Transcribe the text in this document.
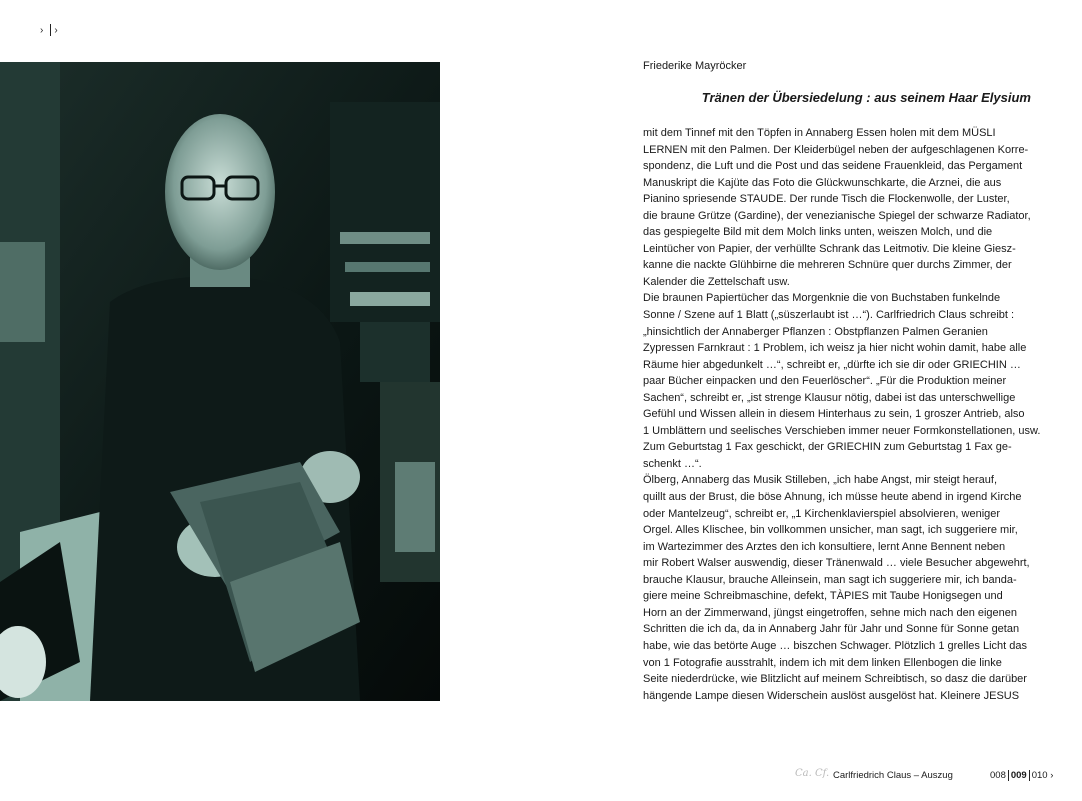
› ›
Friederike Mayröcker
Tränen der Übersiedelung : aus seinem Haar Elysium
mit dem Tinnef mit den Töpfen in Annaberg Essen holen mit dem MÜSLI
LERNEN mit den Palmen. Der Kleiderbügel neben der aufgeschlagenen Korre-
spondenz, die Luft und die Post und das seidene Frauenkleid, das Pergament
Manuskript die Kajüte das Foto die Glückwunschkarte, die Arznei, die aus
Pianino spriesende STAUDE. Der runde Tisch die Flockenwolle, der Luster,
die braune Grütze (Gardine), der venezianische Spiegel der schwarze Radiator,
das gespiegelte Bild mit dem Molch links unten, weiszen Molch, und die
Leintücher von Papier, der verhüllte Schrank das Leitmotiv. Die kleine Giesz-
kanne die nackte Glühbirne die mehreren Schnüre quer durchs Zimmer, der
Kalender die Zettelschaft usw.
Die braunen Papiertücher das Morgenknie die von Buchstaben funkelnde
Sonne / Szene auf 1 Blatt („süszerlaubt ist …“). Carlfriedrich Claus schreibt :
„hinsichtlich der Annaberger Pflanzen : Obstpflanzen Palmen Geranien
Zypressen Farnkraut : 1 Problem, ich weisz ja hier nicht wohin damit, habe alle
Räume hier abgedunkelt …“, schreibt er, „dürfte ich sie dir oder GRIECHIN …
paar Bücher einpacken und den Feuerlöscher“. „Für die Produktion meiner
Sachen“, schreibt er, „ist strenge Klausur nötig, dabei ist das unterschwellige
Gefühl und Wissen allein in diesem Hinterhaus zu sein, 1 groszer Antrieb, also
1 Umblättern und seelisches Verschieben immer neuer Formkonstellationen, usw.
Zum Geburtstag 1 Fax geschickt, der GRIECHIN zum Geburtstag 1 Fax ge-
schenkt …“.
Ölberg, Annaberg das Musik Stilleben, „ich habe Angst, mir steigt herauf,
quillt aus der Brust, die böse Ahnung, ich müsse heute abend in irgend Kirche
oder Mantelzeug“, schreibt er, „1 Kirchenklavierspiel absolvieren, weniger
Orgel. Alles Klischee, bin vollkommen unsicher, man sagt, ich suggeriere mir,
im Wartezimmer des Arztes den ich konsultiere, lernt Anne Bennent neben
mir Robert Walser auswendig, dieser Tränenwald … viele Besucher abgewehrt,
brauche Klausur, brauche Alleinsein, man sagt ich suggeriere mir, ich banda-
giere meine Schreibmaschine, defekt, TÀPIES mit Taube Honigsegen und
Horn an der Zimmerwand, jüngst eingetroffen, sehne mich nach den eigenen
Schritten die ich da, da in Annaberg Jahr für Jahr und Sonne für Sonne getan
habe, wie das betörte Auge … biszchen Schwager. Plötzlich 1 grelles Licht das
von 1 Fotografie ausstrahlt, indem ich mit dem linken Ellenbogen die linke
Seite niederdrücke, wie Blitzlicht auf meinem Schreibtisch, so dasz die darüber
hängende Lampe diesen Widerschein auslöst ausgelöst hat. Kleinere JESUS
Ca. Cf. Carlfriedrich Claus – Auszug	008 009 010 ›
